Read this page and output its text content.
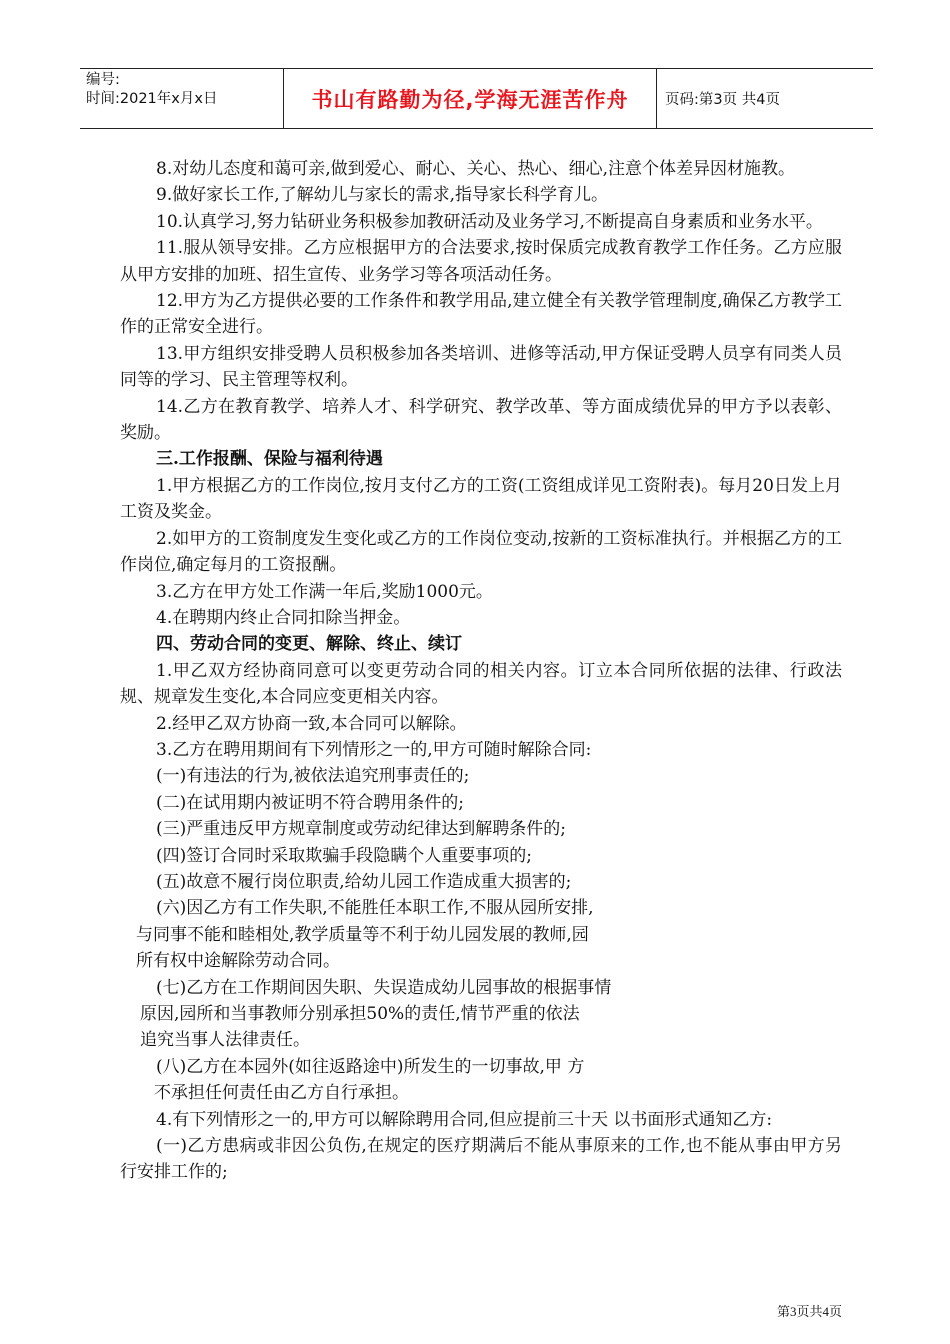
编号:
时间:2021年x月x日	书山有路勤为径,学海无涯苦作舟	页码:第3页 共4页

8.对幼儿态度和蔼可亲,做到爱心、耐心、关心、热心、细心,注意个体差异因材施教。

9.做好家长工作,了解幼儿与家长的需求,指导家长科学育儿。

10.认真学习,努力钻研业务积极参加教研活动及业务学习,不断提高自身素质和业务水平。

11.服从领导安排。乙方应根据甲方的合法要求,按时保质完成教育教学工作任务。乙方应服从甲方安排的加班、招生宣传、业务学习等各项活动任务。

12.甲方为乙方提供必要的工作条件和教学用品,建立健全有关教学管理制度,确保乙方教学工作的正常安全进行。

13.甲方组织安排受聘人员积极参加各类培训、进修等活动,甲方保证受聘人员享有同类人员同等的学习、民主管理等权利。

14.乙方在教育教学、培养人才、科学研究、教学改革、等方面成绩优异的甲方予以表彰、奖励。

三.工作报酬、保险与福利待遇

1.甲方根据乙方的工作岗位,按月支付乙方的工资(工资组成详见工资附表)。每月20日发上月工资及奖金。

2.如甲方的工资制度发生变化或乙方的工作岗位变动,按新的工资标准执行。并根据乙方的工作岗位,确定每月的工资报酬。

3.乙方在甲方处工作满一年后,奖励1000元。

4.在聘期内终止合同扣除当押金。

四、劳动合同的变更、解除、终止、续订

1.甲乙双方经协商同意可以变更劳动合同的相关内容。订立本合同所依据的法律、行政法规、规章发生变化,本合同应变更相关内容。

2.经甲乙双方协商一致,本合同可以解除。

3.乙方在聘用期间有下列情形之一的,甲方可随时解除合同:

(一)有违法的行为,被依法追究刑事责任的;

(二)在试用期内被证明不符合聘用条件的;

(三)严重违反甲方规章制度或劳动纪律达到解聘条件的;

(四)签订合同时采取欺骗手段隐瞒个人重要事项的;

(五)故意不履行岗位职责,给幼儿园工作造成重大损害的;

(六)因乙方有工作失职,不能胜任本职工作,不服从园所安排,

与同事不能和睦相处,教学质量等不利于幼儿园发展的教师,园

所有权中途解除劳动合同。

(七)乙方在工作期间因失职、失误造成幼儿园事故的根据事情

原因,园所和当事教师分别承担50%的责任,情节严重的依法

追究当事人法律责任。

(八)乙方在本园外(如往返路途中)所发生的一切事故,甲 方

不承担任何责任由乙方自行承担。

4.有下列情形之一的,甲方可以解除聘用合同,但应提前三十天 以书面形式通知乙方:

(一)乙方患病或非因公负伤,在规定的医疗期满后不能从事原来的工作,也不能从事由甲方另行安排工作的;

第3页共4页
